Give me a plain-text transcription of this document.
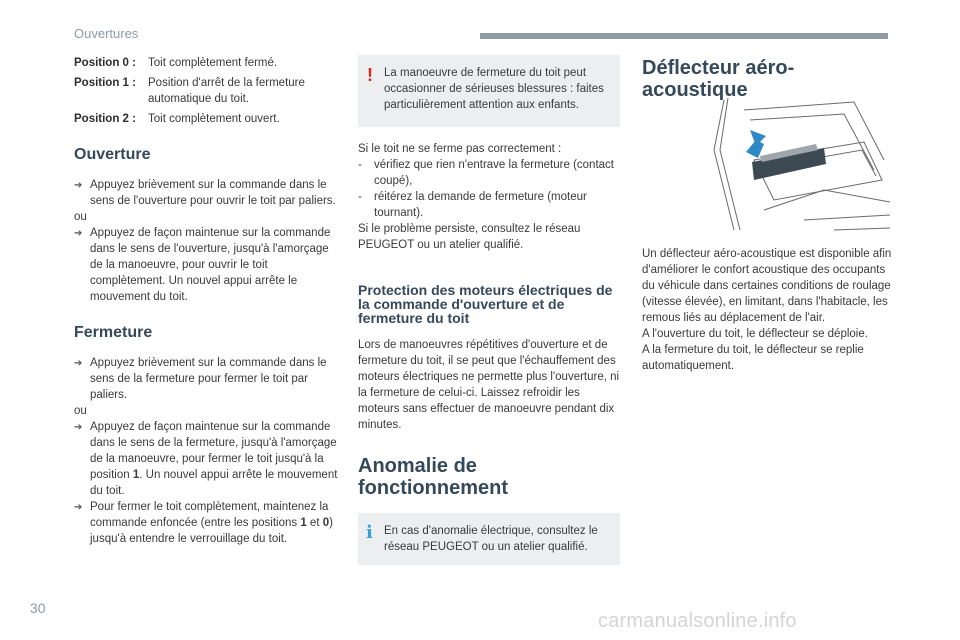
Ouvertures
Position 0 :	Toit complètement fermé.
Position 1 :	Position d'arrêt de la fermeture automatique du toit.
Position 2 :	Toit complètement ouvert.
Ouverture
➔ Appuyez brièvement sur la commande dans le sens de l'ouverture pour ouvrir le toit par paliers.
ou
➔ Appuyez de façon maintenue sur la commande dans le sens de l'ouverture, jusqu'à l'amorçage de la manoeuvre, pour ouvrir le toit complètement. Un nouvel appui arrête le mouvement du toit.
Fermeture
➔ Appuyez brièvement sur la commande dans le sens de la fermeture pour fermer le toit par paliers.
ou
➔ Appuyez de façon maintenue sur la commande dans le sens de la fermeture, jusqu'à l'amorçage de la manoeuvre, pour fermer le toit jusqu'à la position 1. Un nouvel appui arrête le mouvement du toit.
➔ Pour fermer le toit complètement, maintenez la commande enfoncée (entre les positions 1 et 0) jusqu'à entendre le verrouillage du toit.
! La manoeuvre de fermeture du toit peut occasionner de sérieuses blessures : faites particulièrement attention aux enfants.
Si le toit ne se ferme pas correctement :
-	vérifiez que rien n'entrave la fermeture (contact coupé),
-	réitérez la demande de fermeture (moteur tournant).
Si le problème persiste, consultez le réseau PEUGEOT ou un atelier qualifié.
Protection des moteurs électriques de la commande d'ouverture et de fermeture du toit
Lors de manoeuvres répétitives d'ouverture et de fermeture du toit, il se peut que l'échauffement des moteurs électriques ne permette plus l'ouverture, ni la fermeture de celui-ci. Laissez refroidir les moteurs sans effectuer de manoeuvre pendant dix minutes.
Anomalie de fonctionnement
i En cas d'anomalie électrique, consultez le réseau PEUGEOT ou un atelier qualifié.
Déflecteur aéro-acoustique
Un déflecteur aéro-acoustique est disponible afin d'améliorer le confort acoustique des occupants du véhicule dans certaines conditions de roulage (vitesse élevée), en limitant, dans l'habitacle, les remous liés au déplacement de l'air.
A l'ouverture du toit, le déflecteur se déploie.
A la fermeture du toit, le déflecteur se replie automatiquement.
30
carmanualsonline.info
